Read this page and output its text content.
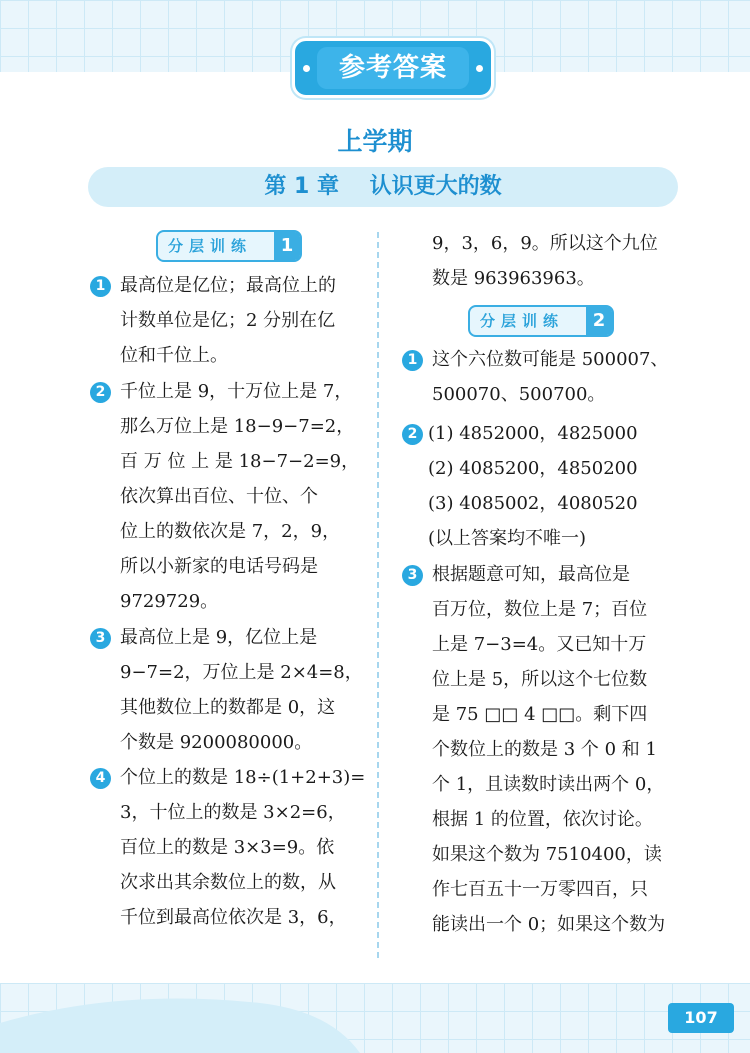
参考答案
上学期
第 1 章    认识更大的数
分层训练	1
1 最高位是亿位；最高位上的
计数单位是亿；2 分别在亿
位和千位上。
2 千位上是 9，十万位上是 7，
那么万位上是 18−9−7=2，
百 万 位 上 是 18−7−2=9，
依次算出百位、十位、个
位上的数依次是 7，2，9，
所以小新家的电话号码是
9729729。
3 最高位上是 9，亿位上是
9−7=2，万位上是 2×4=8，
其他数位上的数都是 0，这
个数是 9200080000。
4 个位上的数是 18÷(1+2+3)=
3，十位上的数是 3×2=6，
百位上的数是 3×3=9。依
次求出其余数位上的数，从
千位到最高位依次是 3，6，
9，3，6，9。所以这个九位
数是 963963963。
分层训练	2
1 这个六位数可能是 500007、
500070、500700。
2 (1) 4852000，4825000
(2) 4085200，4850200
(3) 4085002，4080520
(以上答案均不唯一)
3 根据题意可知，最高位是
百万位，数位上是 7；百位
上是 7−3=4。又已知十万
位上是 5，所以这个七位数
是 75 □□ 4 □□。剩下四
个数位上的数是 3 个 0 和 1
个 1，且读数时读出两个 0，
根据 1 的位置，依次讨论。
如果这个数为 7510400，读
作七百五十一万零四百，只
能读出一个 0；如果这个数为
107
